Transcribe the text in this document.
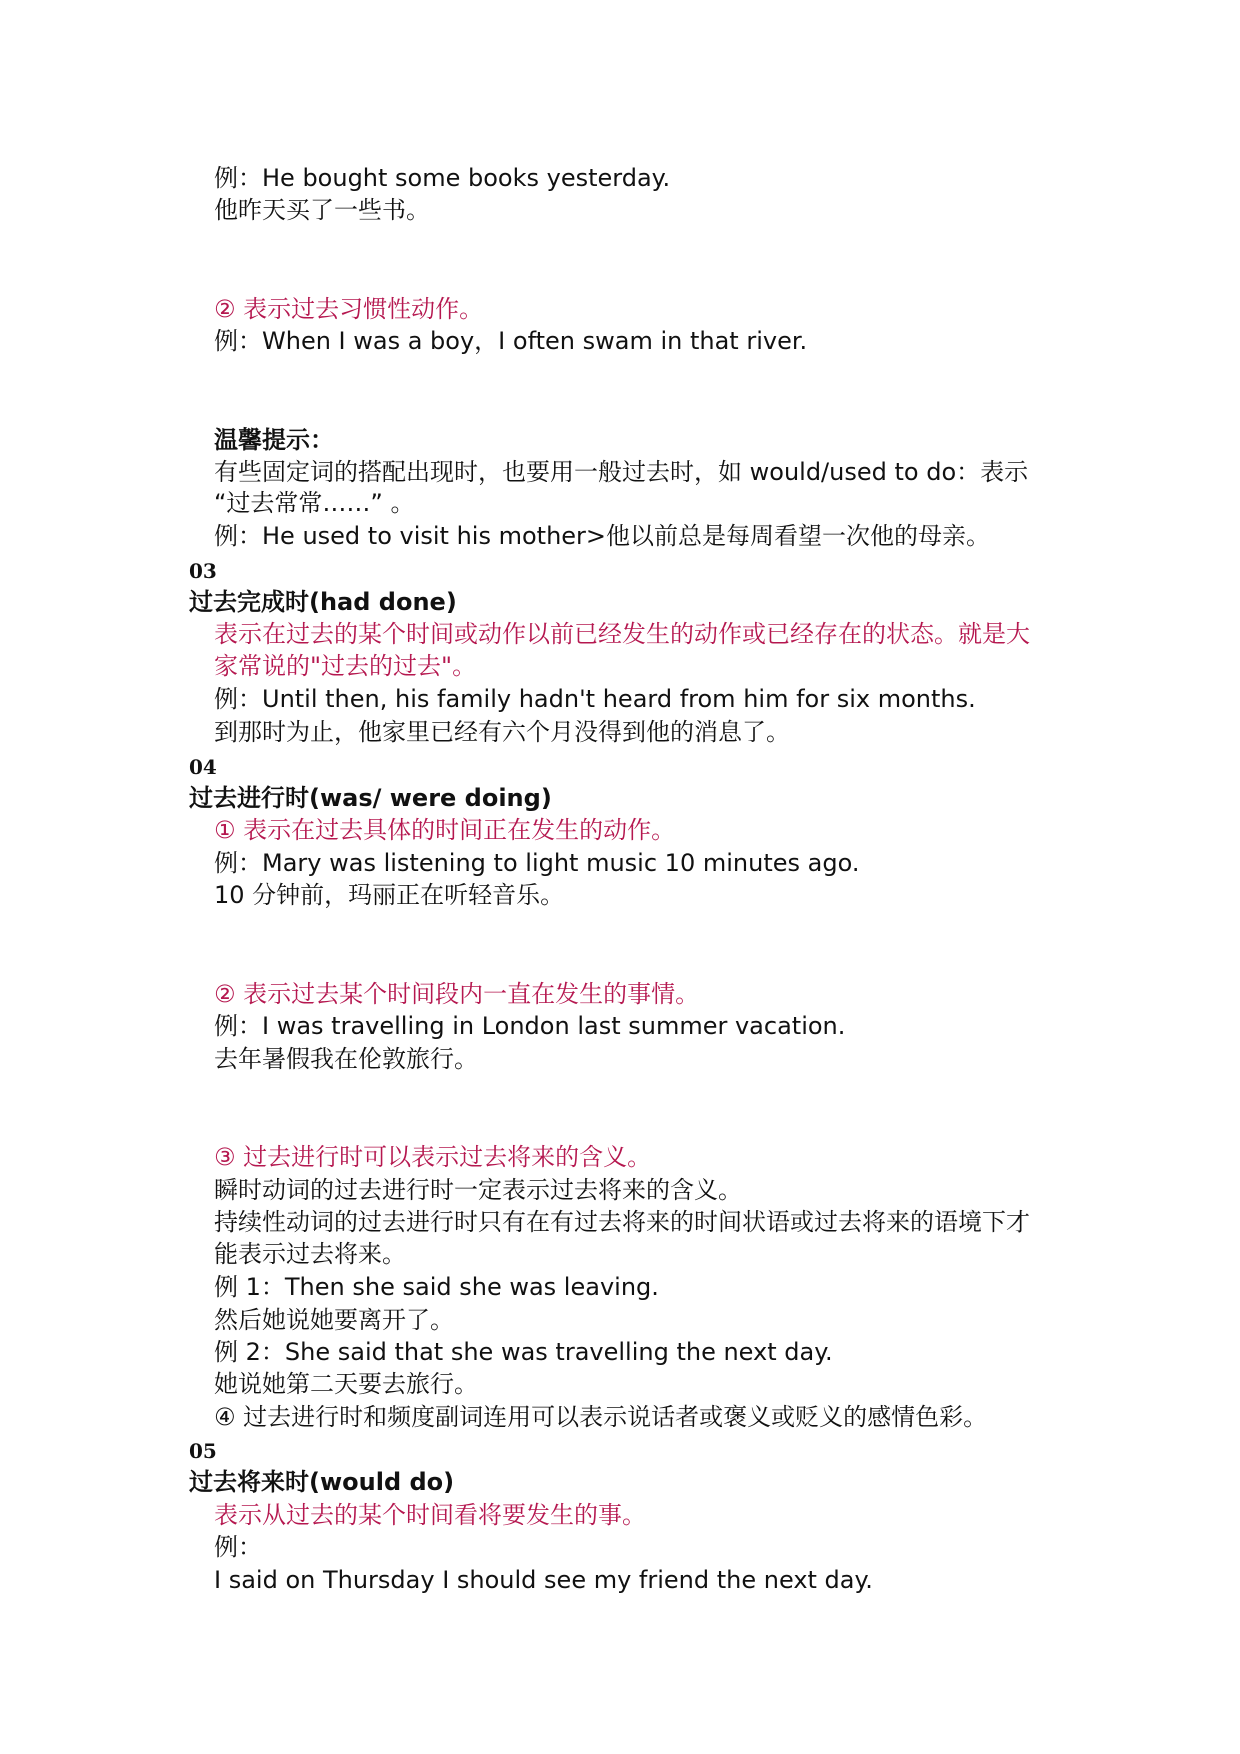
例：He bought some books yesterday.

他昨天买了一些书。

② 表示过去习惯性动作。

例：When I was a boy，I often swam in that river.

温馨提示：

有些固定词的搭配出现时，也要用一般过去时，如 would/used to do：表示

“过去常常……” 。

例：He used to visit his mother>他以前总是每周看望一次他的母亲。

03

过去完成时(had done)

表示在过去的某个时间或动作以前已经发生的动作或已经存在的状态。就是大

家常说的"过去的过去"。

例：Until then, his family hadn't heard from him for six months.

到那时为止，他家里已经有六个月没得到他的消息了。

04

过去进行时(was/ were doing)

① 表示在过去具体的时间正在发生的动作。

例：Mary was listening to light music 10 minutes ago.

10 分钟前，玛丽正在听轻音乐。

② 表示过去某个时间段内一直在发生的事情。

例：I was travelling in London last summer vacation.

去年暑假我在伦敦旅行。

③ 过去进行时可以表示过去将来的含义。

瞬时动词的过去进行时一定表示过去将来的含义。

持续性动词的过去进行时只有在有过去将来的时间状语或过去将来的语境下才

能表示过去将来。

例 1：Then she said she was leaving.

然后她说她要离开了。

例 2：She said that she was travelling the next day.

她说她第二天要去旅行。

④ 过去进行时和频度副词连用可以表示说话者或褒义或贬义的感情色彩。

05

过去将来时(would do)

表示从过去的某个时间看将要发生的事。

例：

I said on Thursday I should see my friend the next day.
